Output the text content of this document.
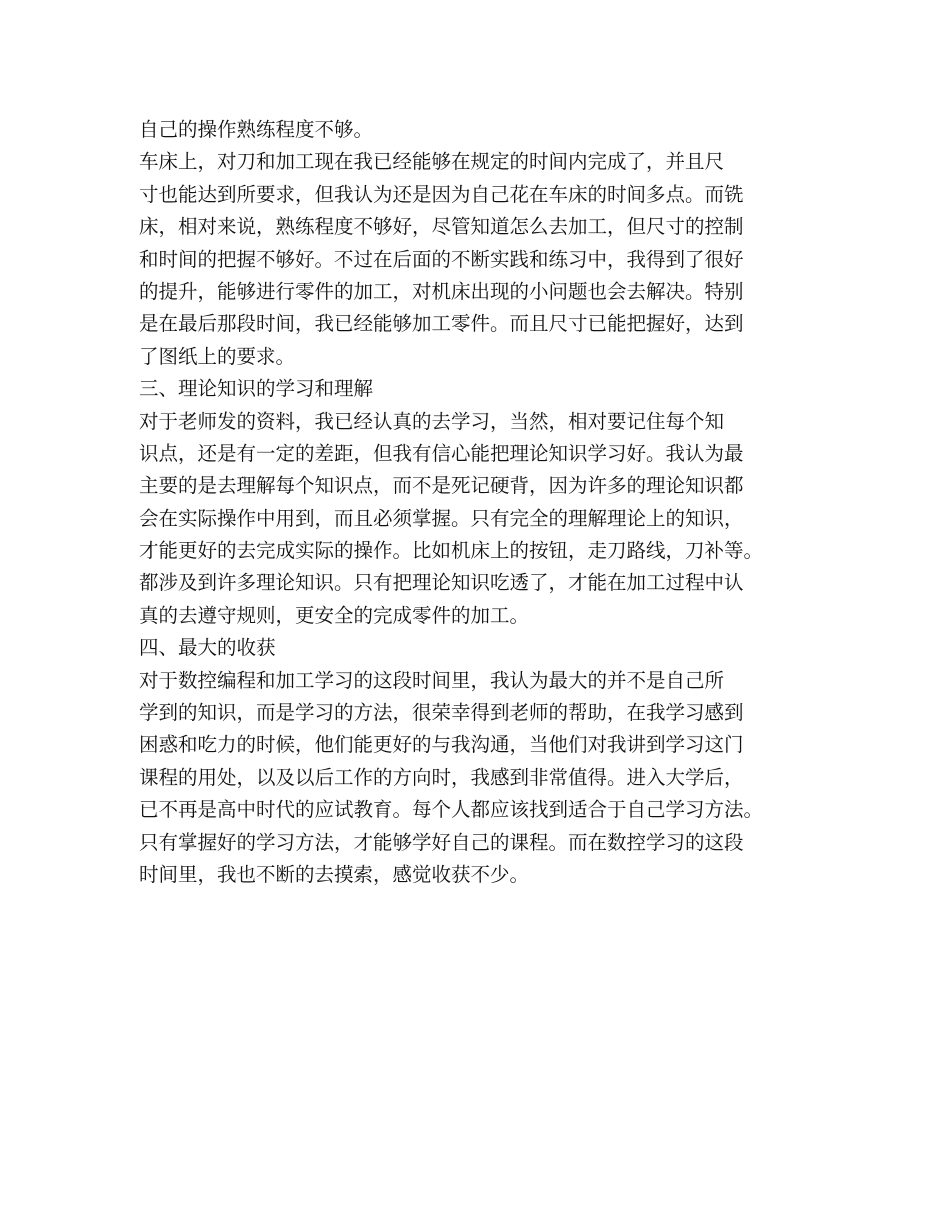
自己的操作熟练程度不够。
车床上，对刀和加工现在我已经能够在规定的时间内完成了，并且尺
寸也能达到所要求，但我认为还是因为自己花在车床的时间多点。而铣
床，相对来说，熟练程度不够好，尽管知道怎么去加工，但尺寸的控制
和时间的把握不够好。不过在后面的不断实践和练习中，我得到了很好
的提升，能够进行零件的加工，对机床出现的小问题也会去解决。特别
是在最后那段时间，我已经能够加工零件。而且尺寸已能把握好，达到
了图纸上的要求。
三、理论知识的学习和理解
对于老师发的资料，我已经认真的去学习，当然，相对要记住每个知
识点，还是有一定的差距，但我有信心能把理论知识学习好。我认为最
主要的是去理解每个知识点，而不是死记硬背，因为许多的理论知识都
会在实际操作中用到，而且必须掌握。只有完全的理解理论上的知识，
才能更好的去完成实际的操作。比如机床上的按钮，走刀路线，刀补等。
都涉及到许多理论知识。只有把理论知识吃透了，才能在加工过程中认
真的去遵守规则，更安全的完成零件的加工。
四、最大的收获
对于数控编程和加工学习的这段时间里，我认为最大的并不是自己所
学到的知识，而是学习的方法，很荣幸得到老师的帮助，在我学习感到
困惑和吃力的时候，他们能更好的与我沟通，当他们对我讲到学习这门
课程的用处，以及以后工作的方向时，我感到非常值得。进入大学后，
已不再是高中时代的应试教育。每个人都应该找到适合于自己学习方法。
只有掌握好的学习方法，才能够学好自己的课程。而在数控学习的这段
时间里，我也不断的去摸索，感觉收获不少。
